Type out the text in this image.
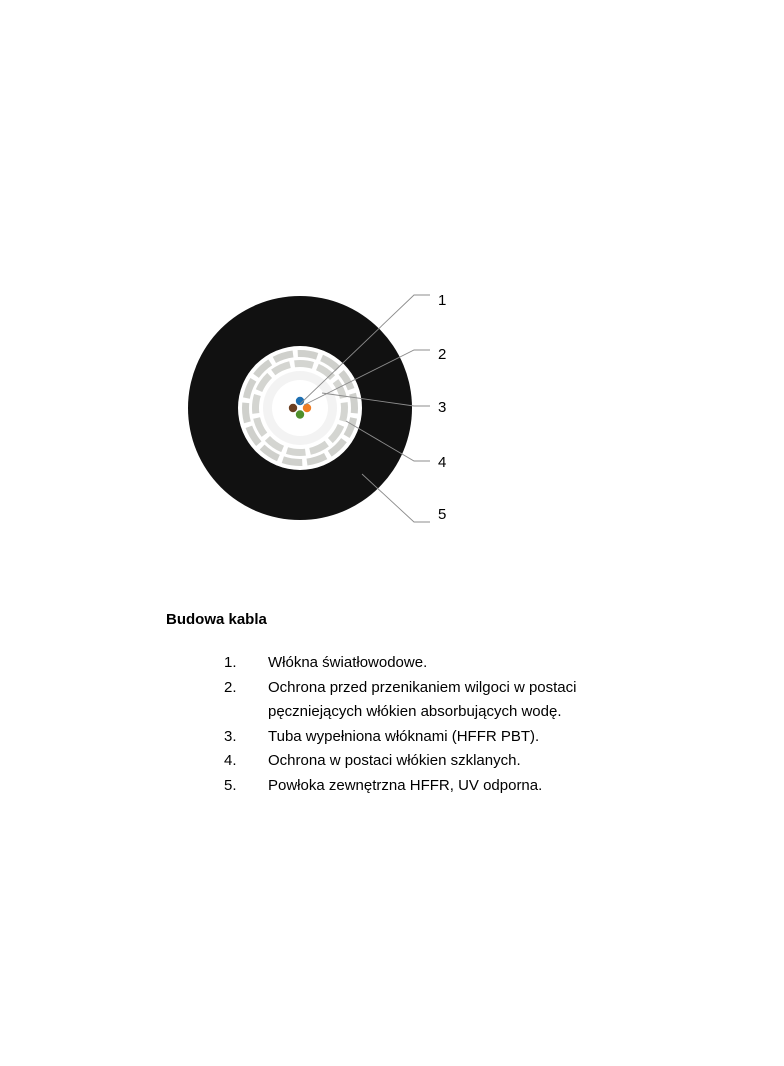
1
2
3
4
5
Budowa kabla
1. Włókna światłowodowe.
2. Ochrona przed przenikaniem wilgoci w postaci pęczniejących włókien absorbujących wodę.
3. Tuba wypełniona włóknami (HFFR PBT).
4. Ochrona w postaci włókien szklanych.
5. Powłoka zewnętrzna HFFR, UV odporna.
